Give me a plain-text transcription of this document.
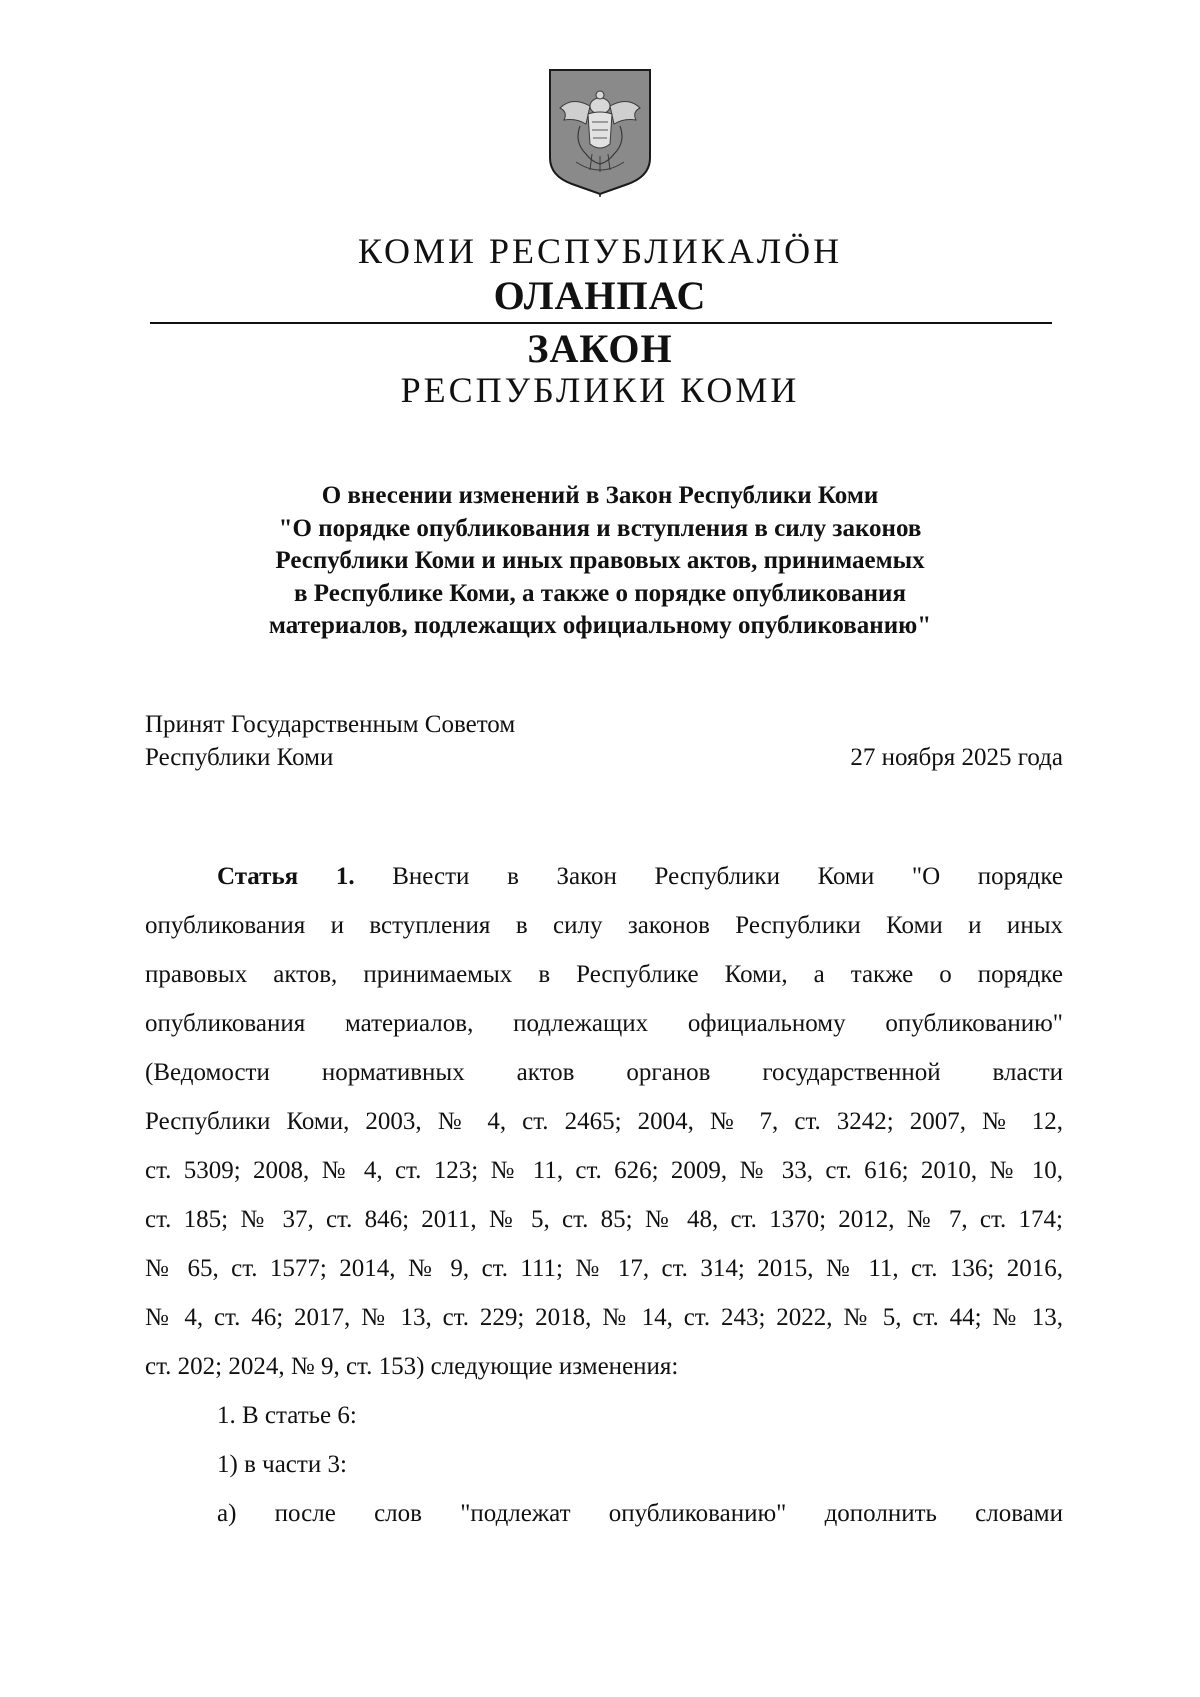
КОМИ РЕСПУБЛИКАЛӦН
ОЛАНПАС
ЗАКОН
РЕСПУБЛИКИ КОМИ
О внесении изменений в Закон Республики Коми
"О порядке опубликования и вступления в силу законов
Республики Коми и иных правовых актов, принимаемых
в Республике Коми, а также о порядке опубликования
материалов, подлежащих официальному опубликованию"
Принят Государственным Советом
Республики Коми	27 ноября 2025 года
Статья 1. Внести в Закон Республики Коми "О порядке
опубликования и вступления в силу законов Республики Коми и иных
правовых актов, принимаемых в Республике Коми, а также о порядке
опубликования материалов, подлежащих официальному опубликованию"
(Ведомости нормативных актов органов государственной власти
Республики Коми, 2003, № 4, ст. 2465; 2004, № 7, ст. 3242; 2007, № 12,
ст. 5309; 2008, № 4, ст. 123; № 11, ст. 626; 2009, № 33, ст. 616; 2010, № 10,
ст. 185; № 37, ст. 846; 2011, № 5, ст. 85; № 48, ст. 1370; 2012, № 7, ст. 174;
№ 65, ст. 1577; 2014, № 9, ст. 111; № 17, ст. 314; 2015, № 11, ст. 136; 2016,
№ 4, ст. 46; 2017, № 13, ст. 229; 2018, № 14, ст. 243; 2022, № 5, ст. 44; № 13,
ст. 202; 2024, № 9, ст. 153) следующие изменения:
1. В статье 6:
1) в части 3:
а) после слов "подлежат опубликованию" дополнить словами
